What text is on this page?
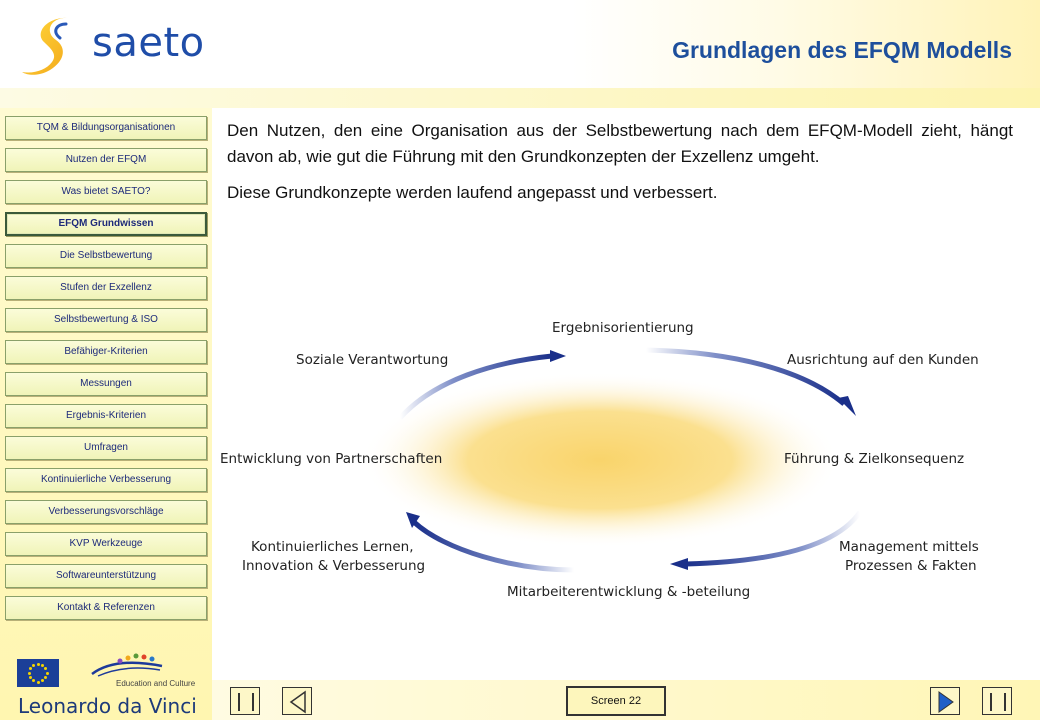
saeto	Grundlagen des EFQM Modells
TQM & Bildungsorganisationen
Nutzen der EFQM
Was bietet SAETO?
EFQM Grundwissen
Die Selbstbewertung
Stufen der Exzellenz
Selbstbewertung & ISO
Befähiger-Kriterien
Messungen
Ergebnis-Kriterien
Umfragen
Kontinuierliche Verbesserung
Verbesserungsvorschläge
KVP Werkzeuge
Softwareunterstützung
Kontakt & Referenzen
Education and Culture
Leonardo da Vinci

Den Nutzen, den eine Organisation aus der Selbstbewertung nach dem EFQM-Modell zieht, hängt davon ab, wie gut die Führung mit den Grundkonzepten der Exzellenz umgeht.

Diese Grundkonzepte werden laufend angepasst und verbessert.

Ergebnisorientierung
Ausrichtung auf den Kunden
Führung & Zielkonsequenz
Management mittels
Prozessen & Fakten
Mitarbeiterentwicklung & -beteilung
Kontinuierliches Lernen,
Innovation & Verbesserung
Entwicklung von Partnerschaften
Soziale Verantwortung
Screen 22
